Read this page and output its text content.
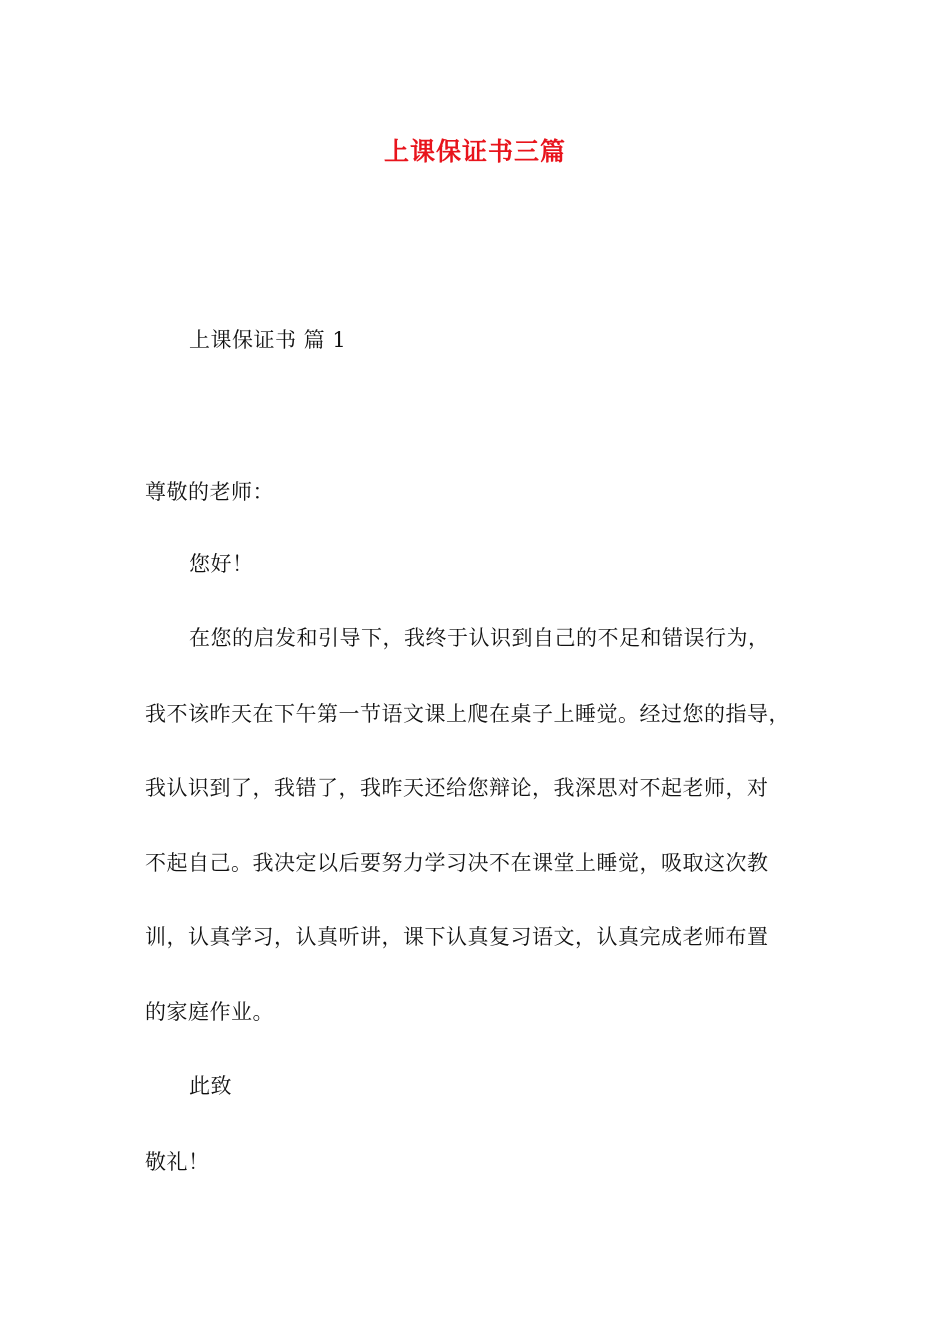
上课保证书三篇
上课保证书 篇 1
尊敬的老师：
您好！
在您的启发和引导下，我终于认识到自己的不足和错误行为，
我不该昨天在下午第一节语文课上爬在桌子上睡觉。经过您的指导，
我认识到了，我错了，我昨天还给您辩论，我深思对不起老师，对
不起自己。我决定以后要努力学习决不在课堂上睡觉，吸取这次教
训，认真学习，认真听讲，课下认真复习语文，认真完成老师布置
的家庭作业。
此致
敬礼！
